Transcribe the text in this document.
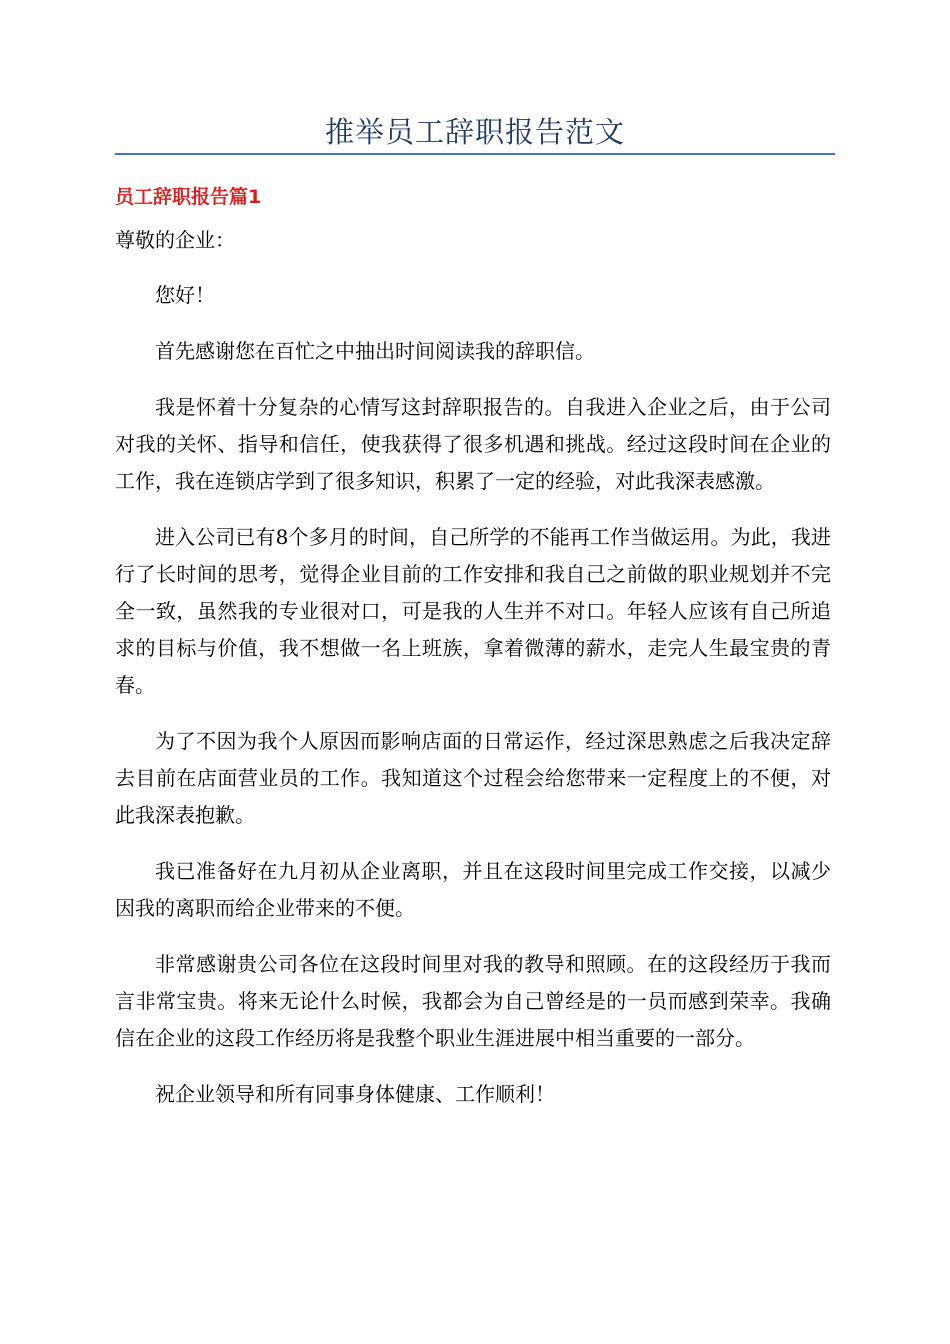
推举员工辞职报告范文
员工辞职报告篇1

尊敬的企业：

您好！

首先感谢您在百忙之中抽出时间阅读我的辞职信。

我是怀着十分复杂的心情写这封辞职报告的。自我进入企业之后，由于公司对我的关怀、指导和信任，使我获得了很多机遇和挑战。经过这段时间在企业的工作，我在连锁店学到了很多知识，积累了一定的经验，对此我深表感激。

进入公司已有8个多月的时间，自己所学的不能再工作当做运用。为此，我进行了长时间的思考，觉得企业目前的工作安排和我自己之前做的职业规划并不完全一致，虽然我的专业很对口，可是我的人生并不对口。年轻人应该有自己所追求的目标与价值，我不想做一名上班族，拿着微薄的薪水，走完人生最宝贵的青春。

为了不因为我个人原因而影响店面的日常运作，经过深思熟虑之后我决定辞去目前在店面营业员的工作。我知道这个过程会给您带来一定程度上的不便，对此我深表抱歉。

我已准备好在九月初从企业离职，并且在这段时间里完成工作交接，以减少因我的离职而给企业带来的不便。

非常感谢贵公司各位在这段时间里对我的教导和照顾。在的这段经历于我而言非常宝贵。将来无论什么时候，我都会为自己曾经是的一员而感到荣幸。我确信在企业的这段工作经历将是我整个职业生涯进展中相当重要的一部分。

祝企业领导和所有同事身体健康、工作顺利！
